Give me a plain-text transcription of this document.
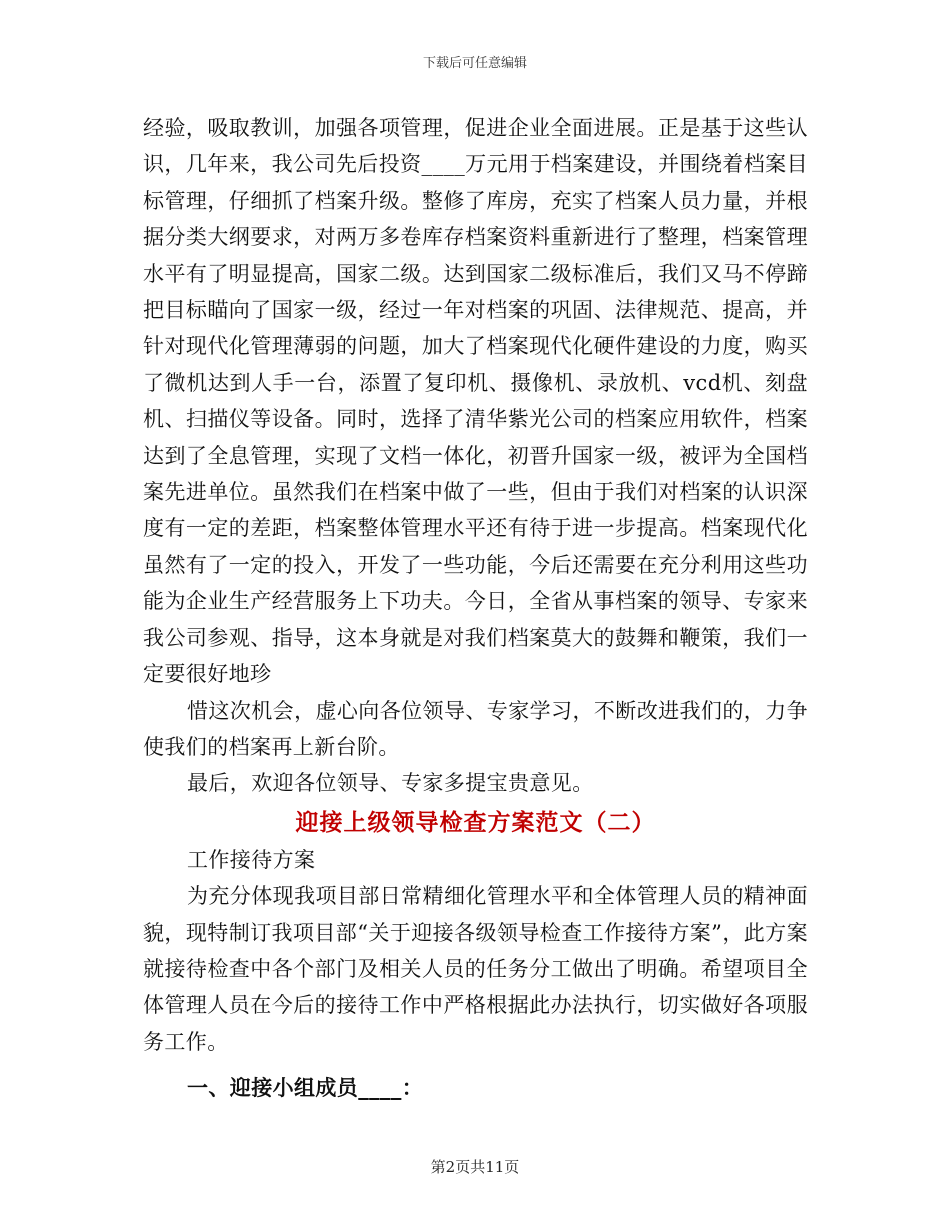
下载后可任意编辑

经验，吸取教训，加强各项管理，促进企业全面进展。正是基于这些认识，几年来，我公司先后投资____万元用于档案建设，并围绕着档案目标管理，仔细抓了档案升级。整修了库房，充实了档案人员力量，并根据分类大纲要求，对两万多卷库存档案资料重新进行了整理，档案管理水平有了明显提高，国家二级。达到国家二级标准后，我们又马不停蹄把目标瞄向了国家一级，经过一年对档案的巩固、法律规范、提高，并针对现代化管理薄弱的问题，加大了档案现代化硬件建设的力度，购买了微机达到人手一台，添置了复印机、摄像机、录放机、vcd机、刻盘机、扫描仪等设备。同时，选择了清华紫光公司的档案应用软件，档案达到了全息管理，实现了文档一体化，初晋升国家一级，被评为全国档案先进单位。虽然我们在档案中做了一些，但由于我们对档案的认识深度有一定的差距，档案整体管理水平还有待于进一步提高。档案现代化虽然有了一定的投入，开发了一些功能，今后还需要在充分利用这些功能为企业生产经营服务上下功夫。今日，全省从事档案的领导、专家来我公司参观、指导，这本身就是对我们档案莫大的鼓舞和鞭策，我们一定要很好地珍

惜这次机会，虚心向各位领导、专家学习，不断改进我们的，力争使我们的档案再上新台阶。

最后，欢迎各位领导、专家多提宝贵意见。

迎接上级领导检查方案范文（二）

工作接待方案

为充分体现我项目部日常精细化管理水平和全体管理人员的精神面貌，现特制订我项目部“关于迎接各级领导检查工作接待方案”，此方案就接待检查中各个部门及相关人员的任务分工做出了明确。希望项目全体管理人员在今后的接待工作中严格根据此办法执行，切实做好各项服务工作。

一、迎接小组成员____：

第2页共11页
